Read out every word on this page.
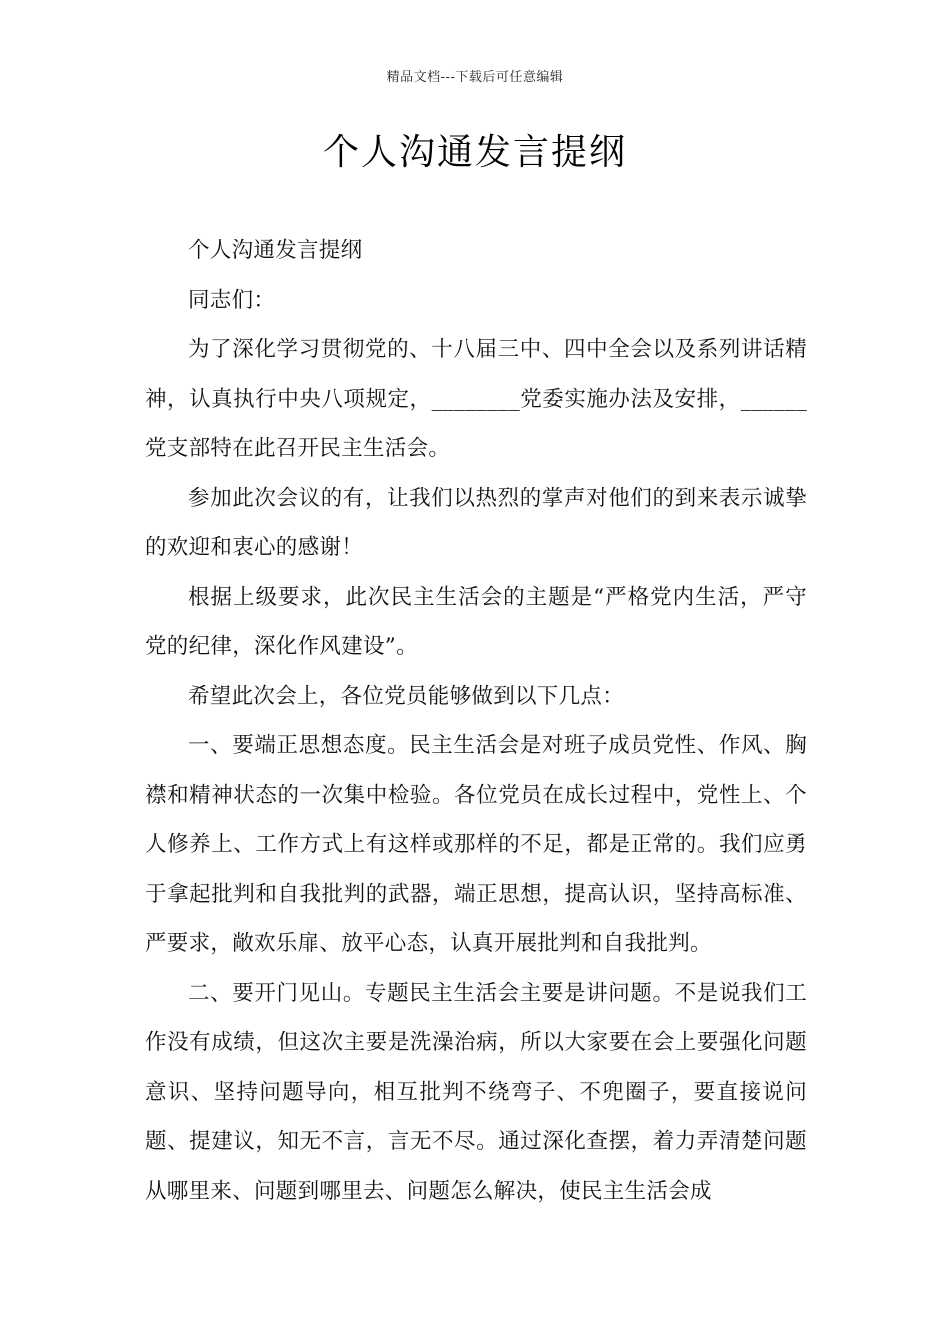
精品文档---下载后可任意编辑
个人沟通发言提纲

个人沟通发言提纲

同志们：

为了深化学习贯彻党的、十八届三中、四中全会以及系列讲话精神，认真执行中央八项规定，________党委实施办法及安排，______党支部特在此召开民主生活会。

参加此次会议的有，让我们以热烈的掌声对他们的到来表示诚挚的欢迎和衷心的感谢！

根据上级要求，此次民主生活会的主题是“严格党内生活，严守党的纪律，深化作风建设”。

希望此次会上，各位党员能够做到以下几点：

一、要端正思想态度。民主生活会是对班子成员党性、作风、胸襟和精神状态的一次集中检验。各位党员在成长过程中，党性上、个人修养上、工作方式上有这样或那样的不足，都是正常的。我们应勇于拿起批判和自我批判的武器，端正思想，提高认识，坚持高标准、严要求，敞欢乐扉、放平心态，认真开展批判和自我批判。

二、要开门见山。专题民主生活会主要是讲问题。不是说我们工作没有成绩，但这次主要是洗澡治病，所以大家要在会上要强化问题意识、坚持问题导向，相互批判不绕弯子、不兜圈子，要直接说问题、提建议，知无不言，言无不尽。通过深化查摆，着力弄清楚问题从哪里来、问题到哪里去、问题怎么解决，使民主生活会成
